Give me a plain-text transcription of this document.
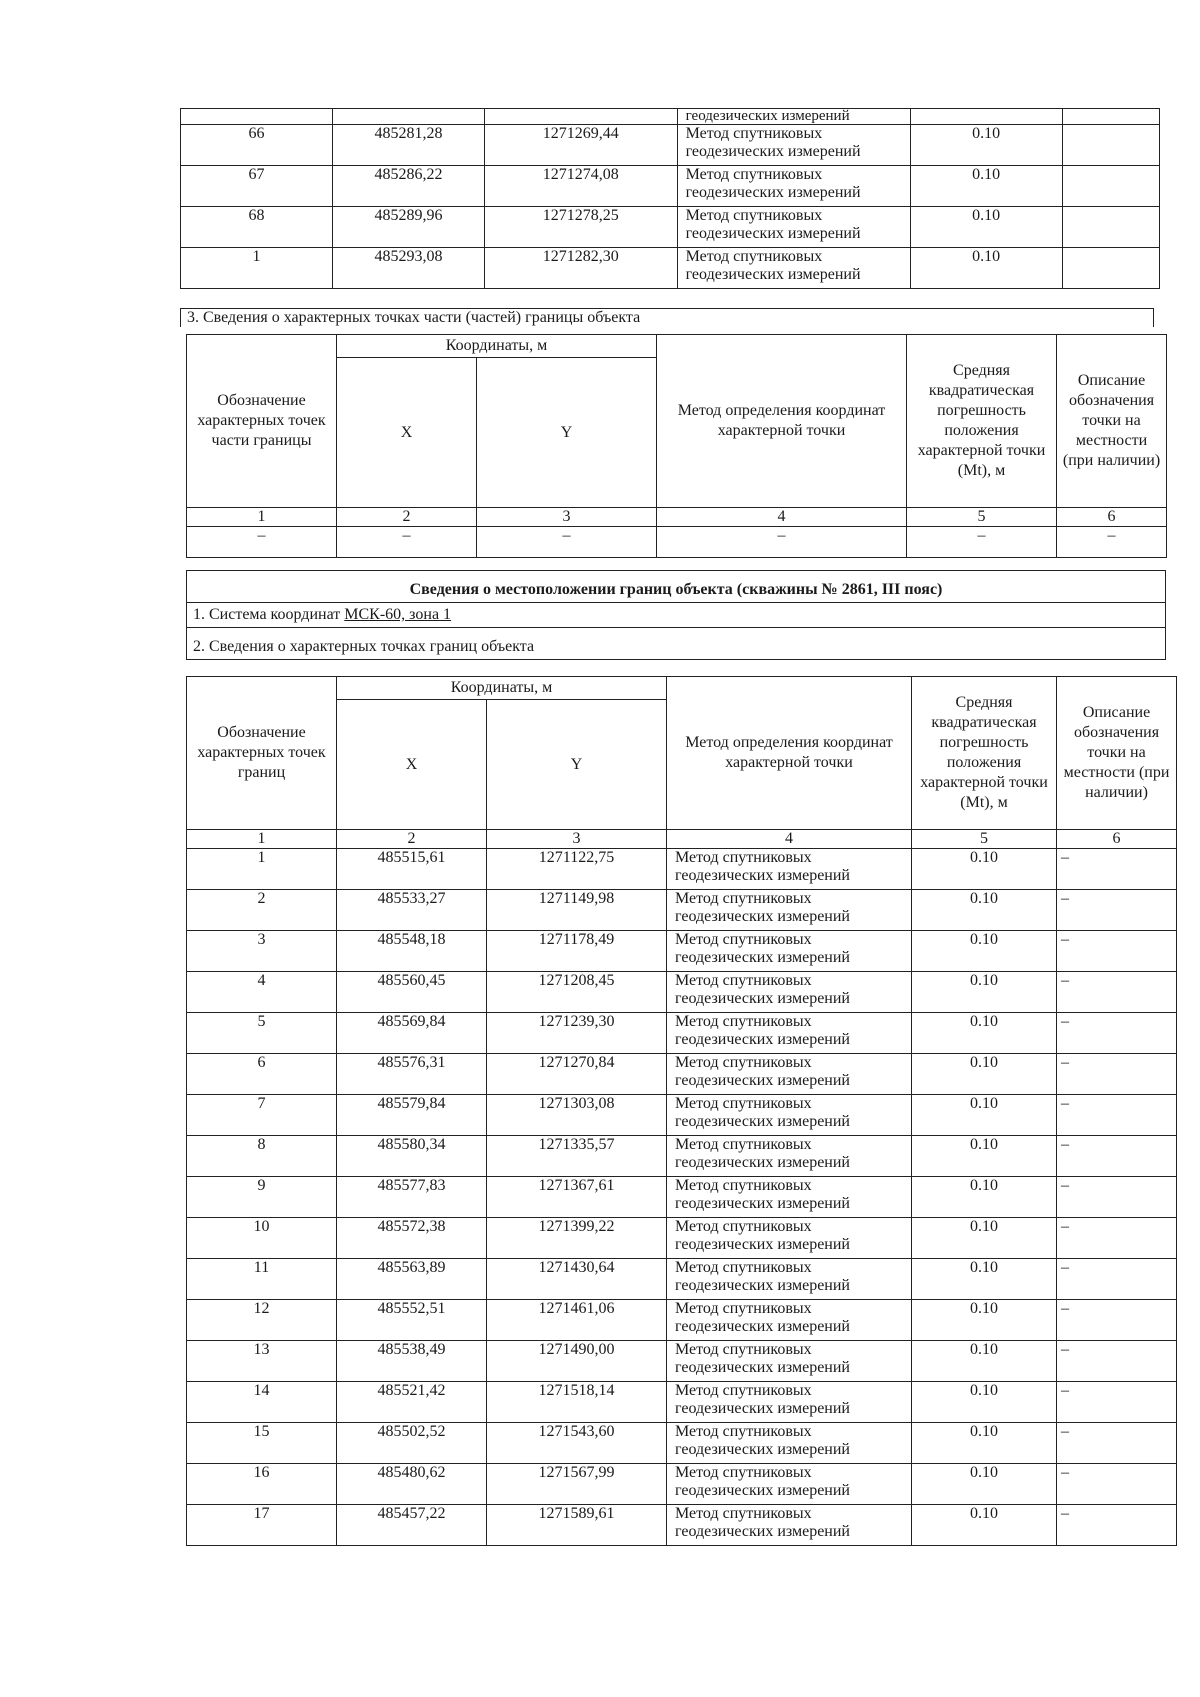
			геодезических измерений		
66	485281,28	1271269,44	Метод спутниковых
геодезических измерений	0.10	
67	485286,22	1271274,08	Метод спутниковых
геодезических измерений	0.10	
68	485289,96	1271278,25	Метод спутниковых
геодезических измерений	0.10	
1	485293,08	1271282,30	Метод спутниковых
геодезических измерений	0.10	
3. Сведения о характерных точках части (частей) границы объекта
Обозначение характерных точек части границы	Координаты, м		Метод определения координат характерной точки	Средняя квадратическая погрешность положения характерной точки (Mt), м	Описание обозначения точки на местности (при наличии)
	X	Y			
1	2	3	4	5	6
–	–	–	–	–	–
Сведения о местоположении границ объекта (скважины № 2861, III пояс)
1. Система координат МСК-60, зона 1
2. Сведения о характерных точках границ объекта
Обозначение характерных точек границ	Координаты, м		Метод определения координат характерной точки	Средняя квадратическая погрешность положения характерной точки (Mt), м	Описание обозначения точки на местности (при наличии)
	X	Y			
1	2	3	4	5	6
1	485515,61	1271122,75	Метод спутниковых
геодезических измерений	0.10	–
2	485533,27	1271149,98	Метод спутниковых
геодезических измерений	0.10	–
3	485548,18	1271178,49	Метод спутниковых
геодезических измерений	0.10	–
4	485560,45	1271208,45	Метод спутниковых
геодезических измерений	0.10	–
5	485569,84	1271239,30	Метод спутниковых
геодезических измерений	0.10	–
6	485576,31	1271270,84	Метод спутниковых
геодезических измерений	0.10	–
7	485579,84	1271303,08	Метод спутниковых
геодезических измерений	0.10	–
8	485580,34	1271335,57	Метод спутниковых
геодезических измерений	0.10	–
9	485577,83	1271367,61	Метод спутниковых
геодезических измерений	0.10	–
10	485572,38	1271399,22	Метод спутниковых
геодезических измерений	0.10	–
11	485563,89	1271430,64	Метод спутниковых
геодезических измерений	0.10	–
12	485552,51	1271461,06	Метод спутниковых
геодезических измерений	0.10	–
13	485538,49	1271490,00	Метод спутниковых
геодезических измерений	0.10	–
14	485521,42	1271518,14	Метод спутниковых
геодезических измерений	0.10	–
15	485502,52	1271543,60	Метод спутниковых
геодезических измерений	0.10	–
16	485480,62	1271567,99	Метод спутниковых
геодезических измерений	0.10	–
17	485457,22	1271589,61	Метод спутниковых
геодезических измерений	0.10	–
